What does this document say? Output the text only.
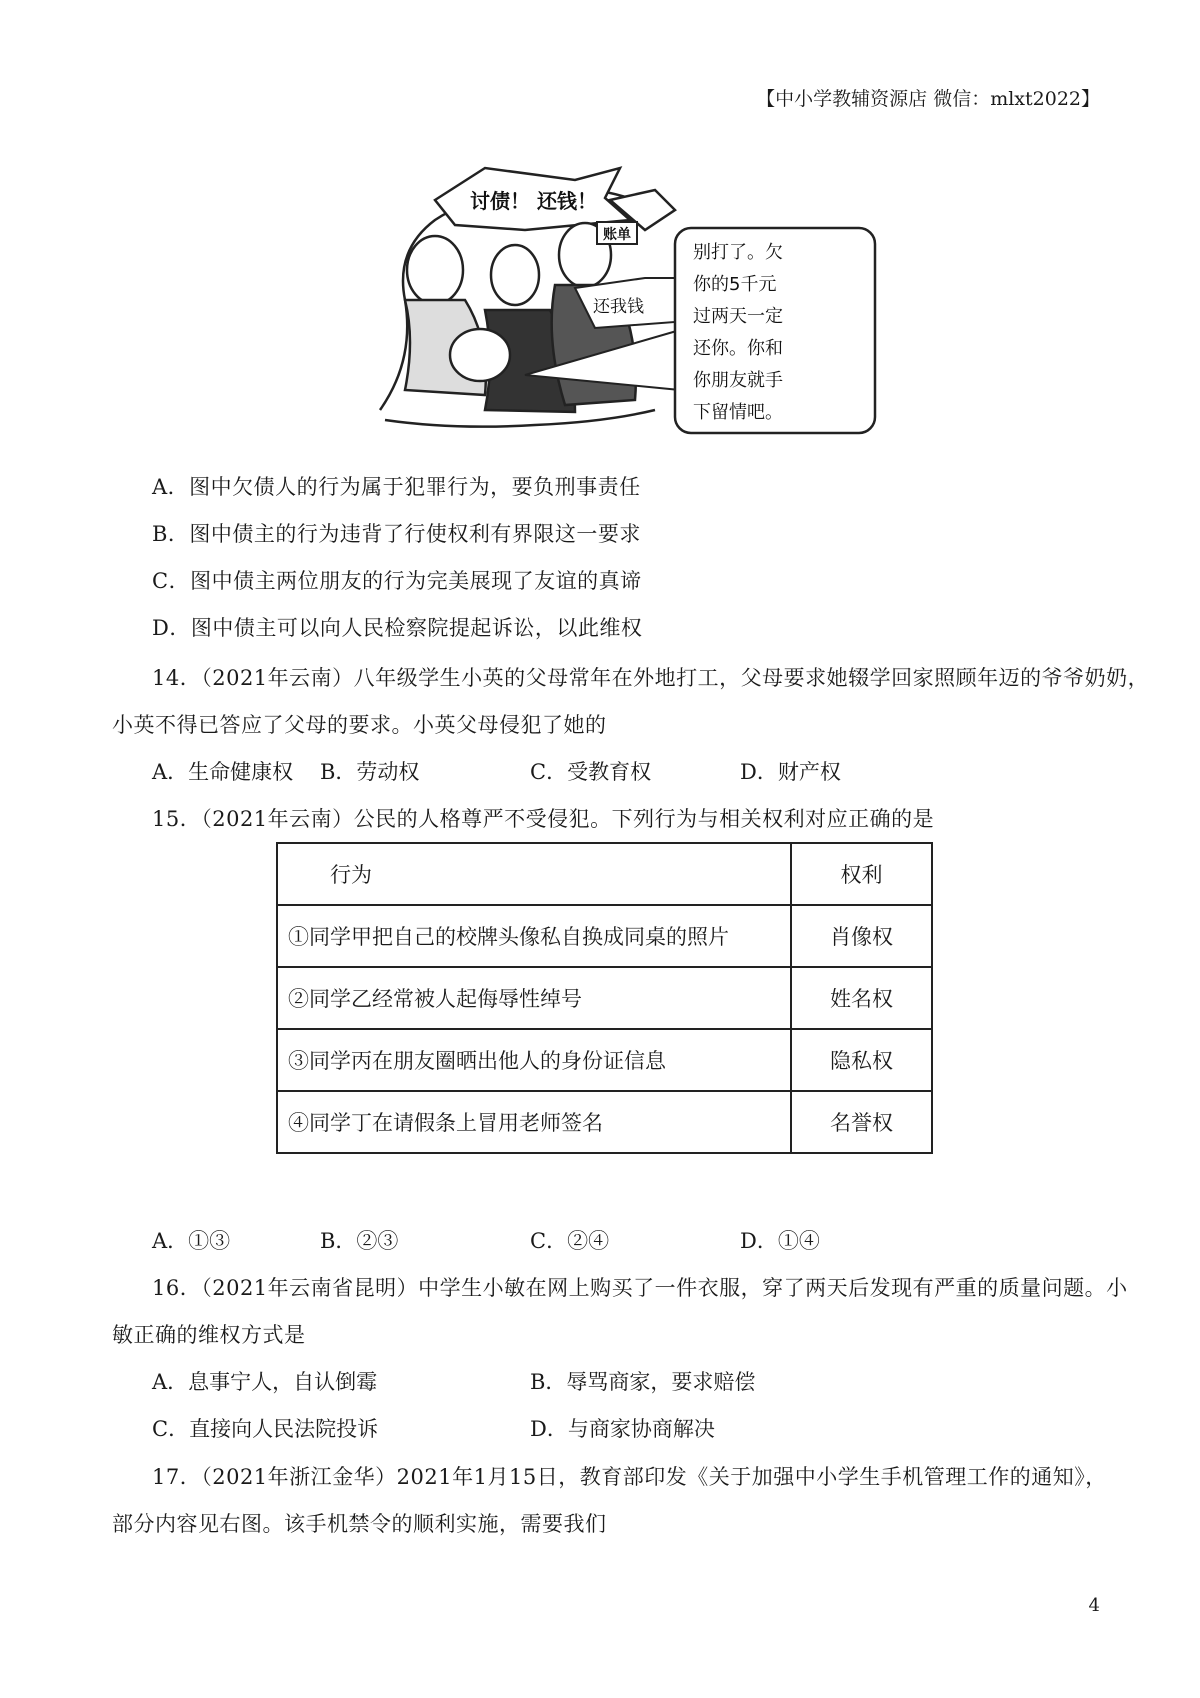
【中小学教辅资源店 微信：mlxt2022】
讨债！ 还钱！
账单
还我钱
别打了。欠 你的5千元 过两天一定 还你。你和 你朋友就手 下留情吧。
A．图中欠债人的行为属于犯罪行为，要负刑事责任
B．图中债主的行为违背了行使权利有界限这一要求
C．图中债主两位朋友的行为完美展现了友谊的真谛
D．图中债主可以向人民检察院提起诉讼，以此维权
14．（2021年云南）八年级学生小英的父母常年在外地打工，父母要求她辍学回家照顾年迈的爷爷奶奶，
小英不得已答应了父母的要求。小英父母侵犯了她的
A．生命健康权 B．劳动权	C．受教育权	D．财产权
15．（2021年云南）公民的人格尊严不受侵犯。下列行为与相关权利对应正确的是
行为	权利
①同学甲把自己的校牌头像私自换成同桌的照片	肖像权
②同学乙经常被人起侮辱性绰号	姓名权
③同学丙在朋友圈晒出他人的身份证信息	隐私权
④同学丁在请假条上冒用老师签名	名誉权
A．①③	B．②③	C．②④	D．①④
16．（2021年云南省昆明）中学生小敏在网上购买了一件衣服，穿了两天后发现有严重的质量问题。小
敏正确的维权方式是
A．息事宁人，自认倒霉	B．辱骂商家，要求赔偿
C．直接向人民法院投诉	D．与商家协商解决
17．（2021年浙江金华）2021年1月15日，教育部印发《关于加强中小学生手机管理工作的通知》，
部分内容见右图。该手机禁令的顺利实施，需要我们
4
